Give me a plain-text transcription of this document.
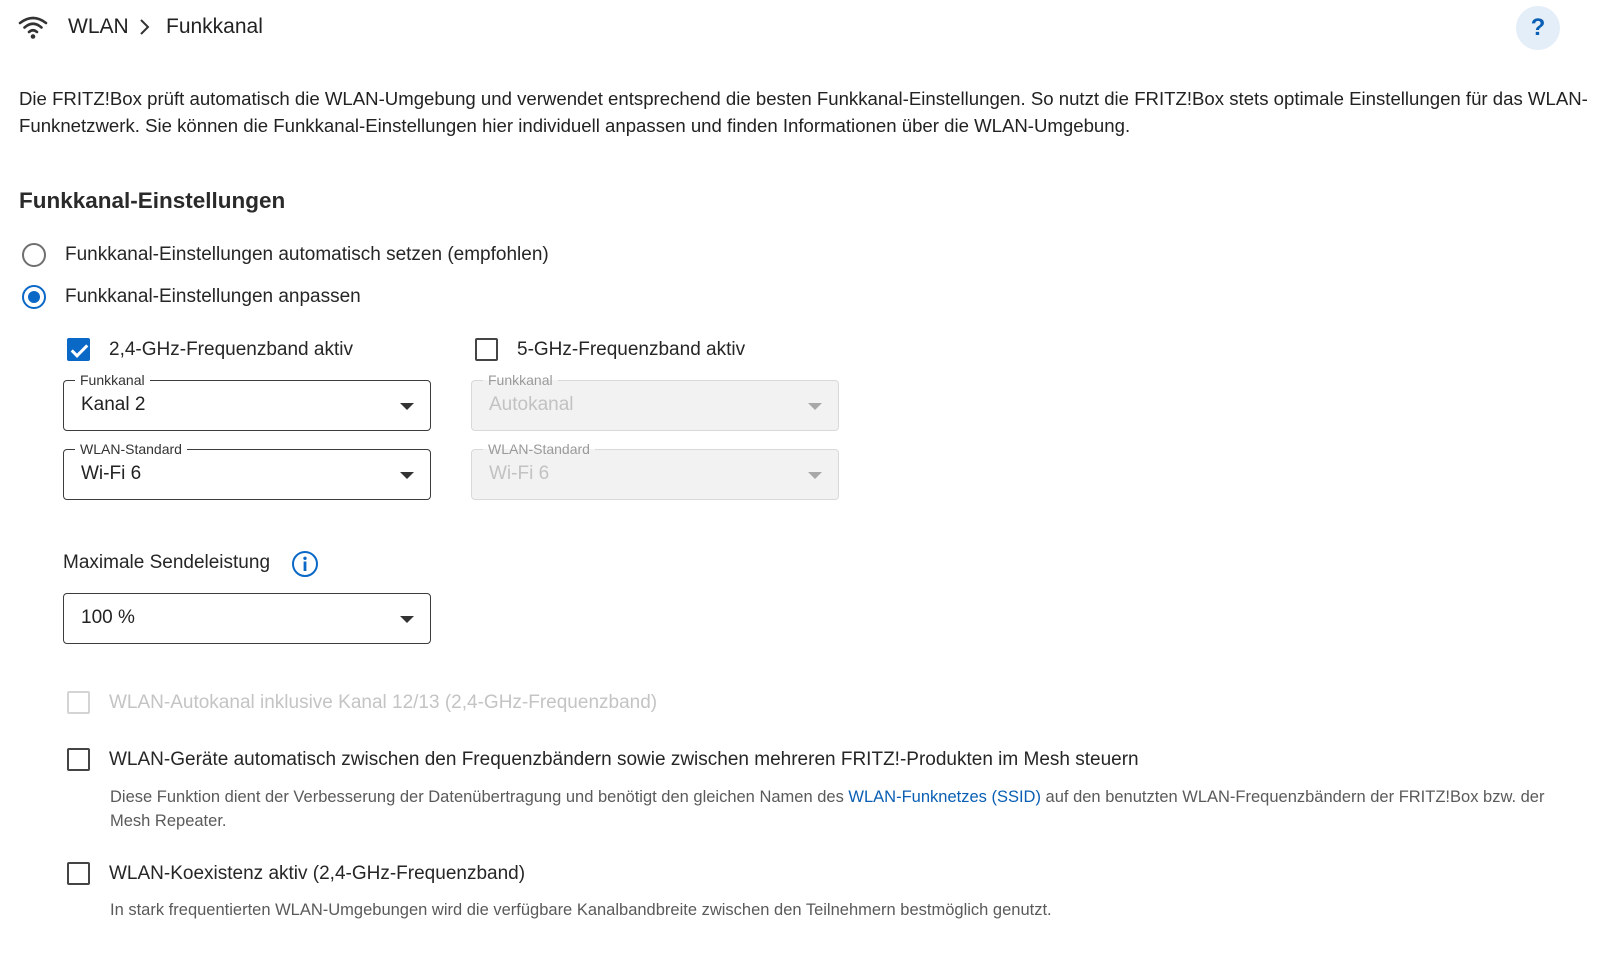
WLAN Funkkanal	?

Die FRITZ!Box prüft automatisch die WLAN-Umgebung und verwendet entsprechend die besten Funkkanal-Einstellungen. So nutzt die FRITZ!Box stets optimale Einstellungen für das WLAN-Funknetzwerk. Sie können die Funkkanal-Einstellungen hier individuell anpassen und finden Informationen über die WLAN-Umgebung.

Funkkanal-Einstellungen
Funkkanal-Einstellungen automatisch setzen (empfohlen)
Funkkanal-Einstellungen anpassen
2,4-GHz-Frequenzband aktiv	5-GHz-Frequenzband aktiv
Funkkanal
Kanal 2
WLAN-Standard
Wi-Fi 6
Funkkanal
Autokanal
WLAN-Standard
Wi-Fi 6
Maximale Sendeleistung
100 %
WLAN-Autokanal inklusive Kanal 12/13 (2,4-GHz-Frequenzband)
WLAN-Geräte automatisch zwischen den Frequenzbändern sowie zwischen mehreren FRITZ!-Produkten im Mesh steuern

Diese Funktion dient der Verbesserung der Datenübertragung und benötigt den gleichen Namen des WLAN-Funknetzes (SSID) auf den benutzten WLAN-Frequenzbändern der FRITZ!Box bzw. der Mesh Repeater.

WLAN-Koexistenz aktiv (2,4-GHz-Frequenzband)

In stark frequentierten WLAN-Umgebungen wird die verfügbare Kanalbandbreite zwischen den Teilnehmern bestmöglich genutzt.
